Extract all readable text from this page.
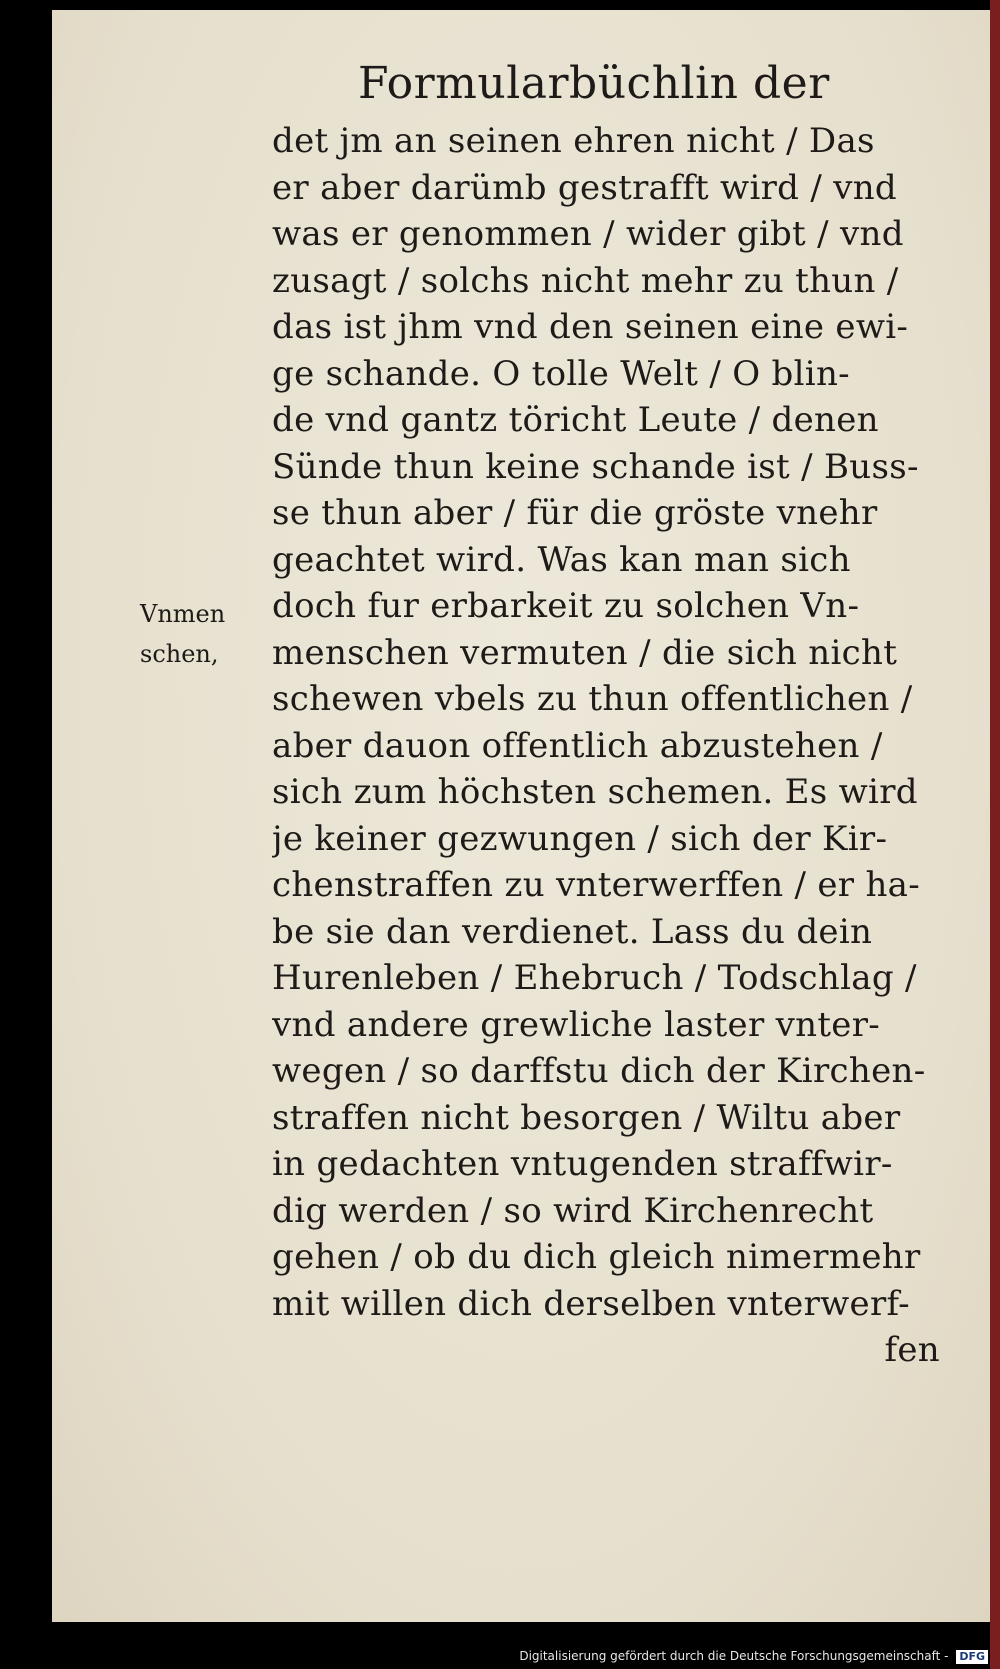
Formularbüchlin der
Vnmen
schen,
det jm an seinen ehren nicht / Das
er aber darümb gestrafft wird / vnd
was er genommen / wider gibt / vnd
zusagt / solchs nicht mehr zu thun /
das ist jhm vnd den seinen eine ewi-
ge schande. O tolle Welt / O blin-
de vnd gantz töricht Leute / denen
Sünde thun keine schande ist / Buss-
se thun aber / für die gröste vnehr
geachtet wird. Was kan man sich
doch fur erbarkeit zu solchen Vn-
menschen vermuten / die sich nicht
schewen vbels zu thun offentlichen /
aber dauon offentlich abzustehen /
sich zum höchsten schemen. Es wird
je keiner gezwungen / sich der Kir-
chenstraffen zu vnterwerffen / er ha-
be sie dan verdienet. Lass du dein
Hurenleben / Ehebruch / Todschlag /
vnd andere grewliche laster vnter-
wegen / so darffstu dich der Kirchen-
straffen nicht besorgen / Wiltu aber
in gedachten vntugenden straffwir-
dig werden / so wird Kirchenrecht
gehen / ob du dich gleich nimermehr
mit willen dich derselben vnterwerf-
fen
Digitalisierung gefördert durch die Deutsche Forschungsgemeinschaft - DFG
